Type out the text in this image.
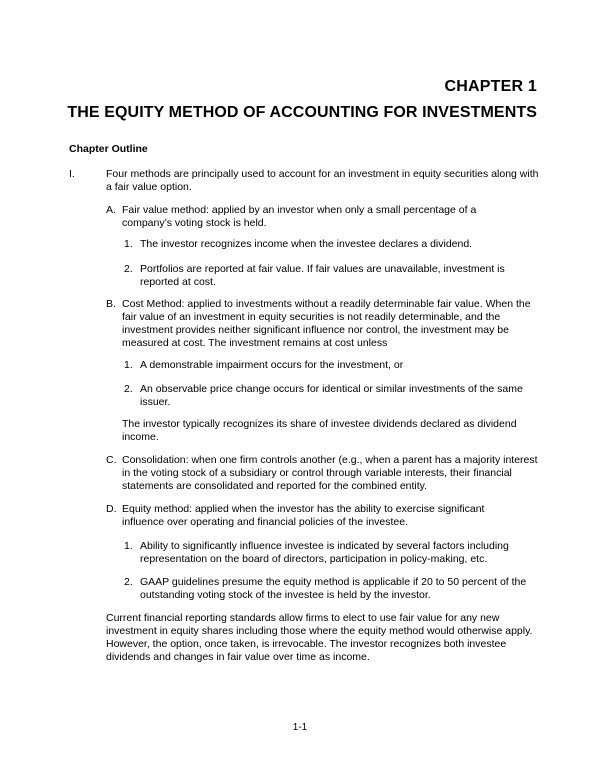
CHAPTER 1
THE EQUITY METHOD OF ACCOUNTING FOR INVESTMENTS
Chapter Outline
I.	Four methods are principally used to account for an investment in equity securities along with a fair value option.
A. Fair value method: applied by an investor when only a small percentage of a company’s voting stock is held.
1. The investor recognizes income when the investee declares a dividend.
2. Portfolios are reported at fair value. If fair values are unavailable, investment is reported at cost.
B. Cost Method: applied to investments without a readily determinable fair value. When the fair value of an investment in equity securities is not readily determinable, and the investment provides neither significant influence nor control, the investment may be measured at cost. The investment remains at cost unless
1. A demonstrable impairment occurs for the investment, or
2. An observable price change occurs for identical or similar investments of the same issuer.
The investor typically recognizes its share of investee dividends declared as dividend income.
C. Consolidation: when one firm controls another (e.g., when a parent has a majority interest in the voting stock of a subsidiary or control through variable interests, their financial statements are consolidated and reported for the combined entity.
D. Equity method: applied when the investor has the ability to exercise significant influence over operating and financial policies of the investee.
1. Ability to significantly influence investee is indicated by several factors including representation on the board of directors, participation in policy-making, etc.
2. GAAP guidelines presume the equity method is applicable if 20 to 50 percent of the outstanding voting stock of the investee is held by the investor.
Current financial reporting standards allow firms to elect to use fair value for any new investment in equity shares including those where the equity method would otherwise apply. However, the option, once taken, is irrevocable. The investor recognizes both investee dividends and changes in fair value over time as income.
1-1
